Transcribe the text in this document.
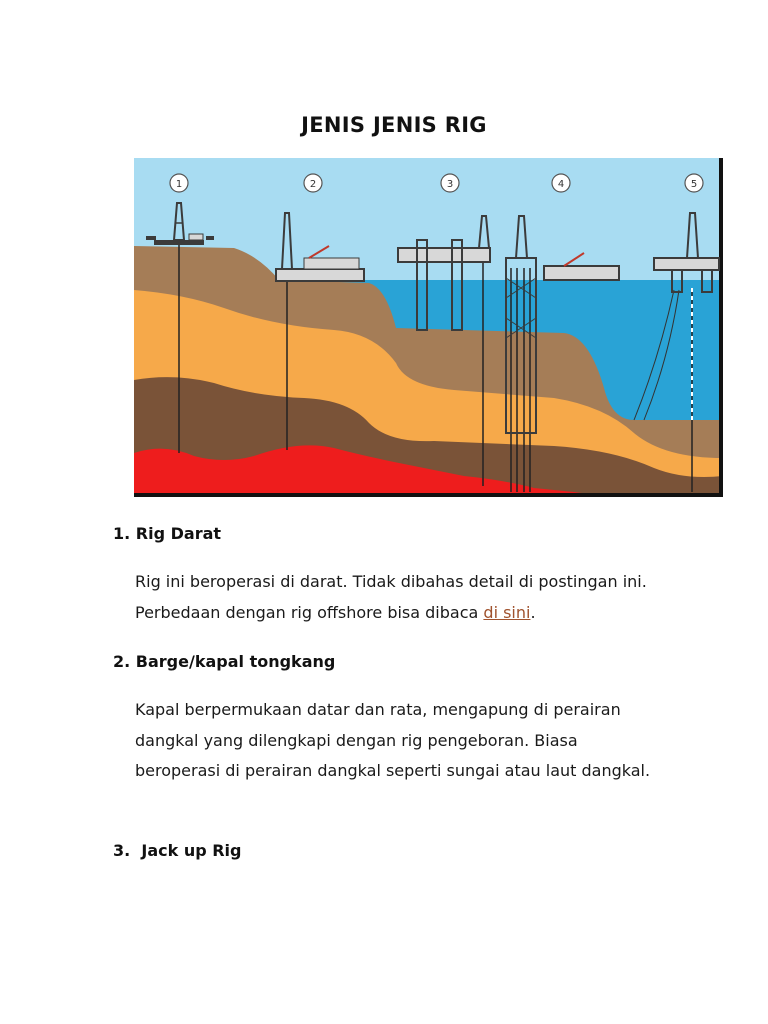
JENIS JENIS RIG
1	2	3	4	5
1. Rig Darat
Rig ini beroperasi di darat. Tidak dibahas detail di postingan ini. Perbedaan dengan rig offshore bisa dibaca di sini.
2. Barge/kapal tongkang
Kapal berpermukaan datar dan rata, mengapung di perairan dangkal yang dilengkapi dengan rig pengeboran. Biasa beroperasi di perairan dangkal seperti sungai atau laut dangkal.
3.  Jack up Rig
